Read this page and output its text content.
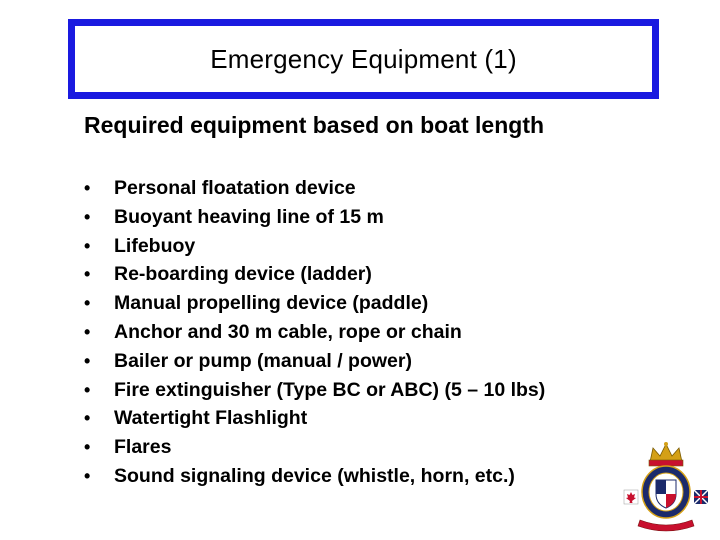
Emergency Equipment (1)
Required equipment based on boat length
•	Personal floatation device
•	Buoyant heaving line of 15 m
•	Lifebuoy
•	Re-boarding device (ladder)
•	Manual propelling device (paddle)
•	Anchor and 30 m cable, rope or chain
•	Bailer or pump (manual / power)
•	Fire extinguisher (Type BC or ABC) (5 – 10 lbs)
•	Watertight Flashlight
•	Flares
•	Sound signaling device (whistle, horn, etc.)
